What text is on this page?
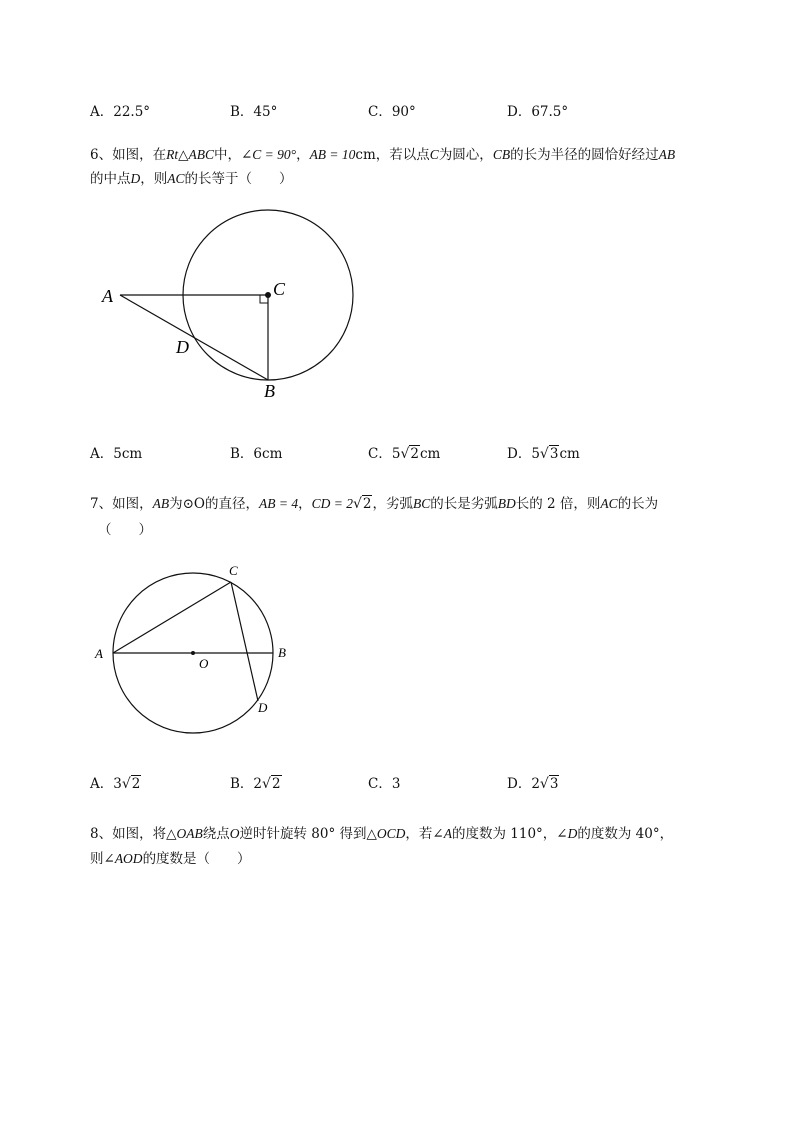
A．22.5°	B．45°	C．90°	D．67.5°
6、如图，在Rt△ABC中，∠C = 90°，AB = 10cm，若以点C为圆心，CB的长为半径的圆恰好经过AB
的中点D，则AC的长等于（　　）
A	C
D
B
A．5cm	B．6cm	C．5√2cm	D．5√3cm
7、如图，AB为⊙O的直径，AB = 4，CD = 2√2，劣弧BC的长是劣弧BD长的 2 倍，则AC的长为
（　　）
A	B
C
D
O
A．3√2	B．2√2	C．3	D．2√3
8、如图，将△OAB绕点O逆时针旋转 80° 得到△OCD，若∠A的度数为 110°，∠D的度数为 40°，
则∠AOD的度数是（　　）
